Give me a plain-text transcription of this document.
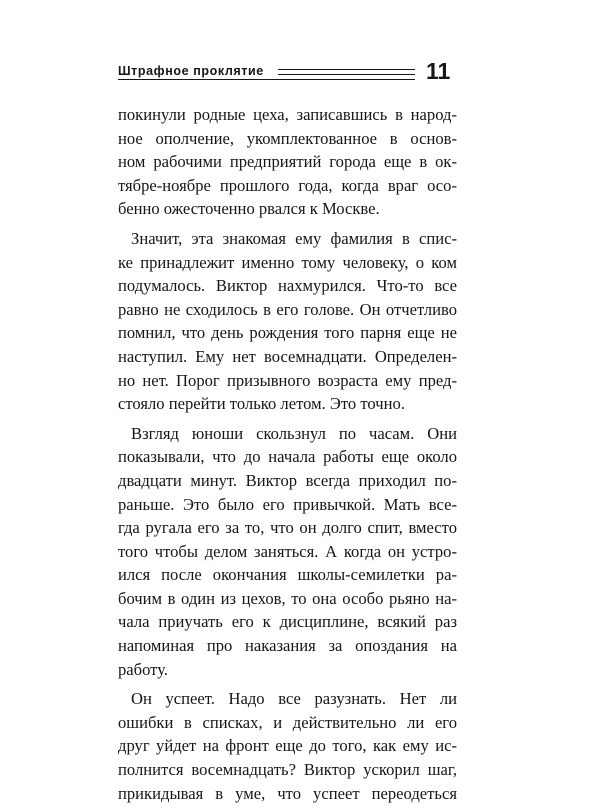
Штрафное проклятие	11

покинули родные цеха, записавшись в народ-
ное ополчение, укомплектованное в основ-
ном рабочими предприятий города еще в ок-
тябре-ноябре прошлого года, когда враг осо-
бенно ожесточенно рвался к Москве.

Значит, эта знакомая ему фамилия в спис-
ке принадлежит именно тому человеку, о ком
подумалось. Виктор нахмурился. Что-то все
равно не сходилось в его голове. Он отчетливо
помнил, что день рождения того парня еще не
наступил. Ему нет восемнадцати. Определен-
но нет. Порог призывного возраста ему пред-
стояло перейти только летом. Это точно.

Взгляд юноши скользнул по часам. Они
показывали, что до начала работы еще около
двадцати минут. Виктор всегда приходил по-
раньше. Это было его привычкой. Мать все-
гда ругала его за то, что он долго спит, вместо
того чтобы делом заняться. А когда он устро-
ился после окончания школы-семилетки ра-
бочим в один из цехов, то она особо рьяно на-
чала приучать его к дисциплине, всякий раз
напоминая про наказания за опоздания на
работу.

Он успеет. Надо все разузнать. Нет ли
ошибки в списках, и действительно ли его
друг уйдет на фронт еще до того, как ему ис-
полнится восемнадцать? Виктор ускорил шаг,
прикидывая в уме, что успеет переодеться
